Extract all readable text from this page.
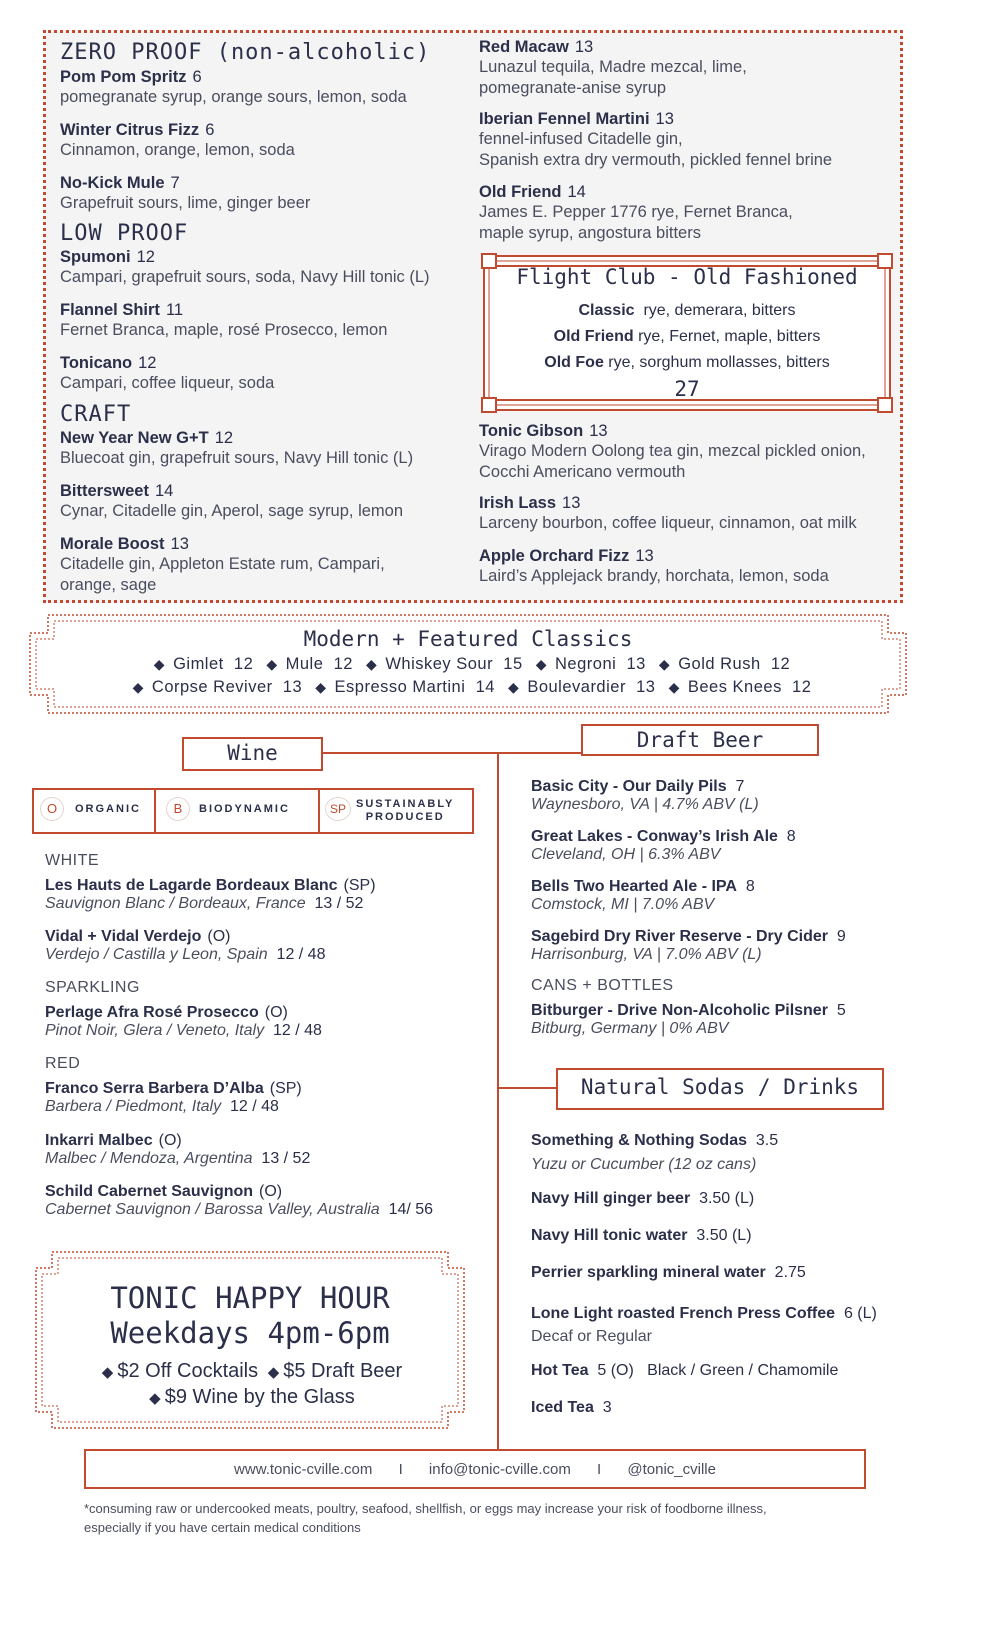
ZERO PROOF (non-alcoholic)
Pom Pom Spritz 6
pomegranate syrup, orange sours, lemon, soda
Winter Citrus Fizz 6
Cinnamon, orange, lemon, soda
No-Kick Mule 7
Grapefruit sours, lime, ginger beer
LOW PROOF
Spumoni 12
Campari, grapefruit sours, soda, Navy Hill tonic (L)
Flannel Shirt 11
Fernet Branca, maple, rosé Prosecco, lemon
Tonicano 12
Campari, coffee liqueur, soda
CRAFT
New Year New G+T 12
Bluecoat gin, grapefruit sours, Navy Hill tonic (L)
Bittersweet 14
Cynar, Citadelle gin, Aperol, sage syrup, lemon
Morale Boost 13
Citadelle gin, Appleton Estate rum, Campari,
orange, sage
Red Macaw 13
Lunazul tequila, Madre mezcal, lime,
pomegranate-anise syrup
Iberian Fennel Martini 13
fennel-infused Citadelle gin,
Spanish extra dry vermouth, pickled fennel brine
Old Friend 14
James E. Pepper 1776 rye, Fernet Branca,
maple syrup, angostura bitters
Flight Club - Old Fashioned
Classic rye, demerara, bitters
Old Friend rye, Fernet, maple, bitters
Old Foe rye, sorghum mollasses, bitters
27
Tonic Gibson 13
Virago Modern Oolong tea gin, mezcal pickled onion,
Cocchi Americano vermouth
Irish Lass 13
Larceny bourbon, coffee liqueur, cinnamon, oat milk
Apple Orchard Fizz 13
Laird’s Applejack brandy, horchata, lemon, soda
Modern + Featured Classics
◆ Gimlet 12 ◆ Mule 12 ◆ Whiskey Sour 15 ◆ Negroni 13 ◆ Gold Rush 12
◆ Corpse Reviver 13 ◆ Espresso Martini 14 ◆ Boulevardier 13 ◆ Bees Knees 12
Wine
O	ORGANIC	B	BIODYNAMIC	SP SUSTAINABLY
PRODUCED
WHITE
Les Hauts de Lagarde Bordeaux Blanc (SP)
Sauvignon Blanc / Bordeaux, France 13 / 52
Vidal + Vidal Verdejo (O)
Verdejo / Castilla y Leon, Spain 12 / 48
SPARKLING
Perlage Afra Rosé Prosecco (O)
Pinot Noir, Glera / Veneto, Italy 12 / 48
RED
Franco Serra Barbera D’Alba (SP)
Barbera / Piedmont, Italy 12 / 48
Inkarri Malbec (O)
Malbec / Mendoza, Argentina 13 / 52
Schild Cabernet Sauvignon (O)
Cabernet Sauvignon / Barossa Valley, Australia 14/ 56
TONIC HAPPY HOUR
Weekdays 4pm-6pm
◆ $2 Off Cocktails ◆ $5 Draft Beer
◆ $9 Wine by the Glass
Draft Beer
Basic City - Our Daily Pils 7
Waynesboro, VA | 4.7% ABV (L)
Great Lakes - Conway’s Irish Ale 8
Cleveland, OH | 6.3% ABV
Bells Two Hearted Ale - IPA 8
Comstock, MI | 7.0% ABV
Sagebird Dry River Reserve - Dry Cider 9
Harrisonburg, VA | 7.0% ABV (L)
CANS + BOTTLES
Bitburger - Drive Non-Alcoholic Pilsner 5
Bitburg, Germany | 0% ABV
Natural Sodas / Drinks
Something & Nothing Sodas 3.5
Yuzu or Cucumber (12 oz cans)
Navy Hill ginger beer 3.50 (L)
Navy Hill tonic water 3.50 (L)
Perrier sparkling mineral water 2.75
Lone Light roasted French Press Coffee 6 (L)
Decaf or Regular
Hot Tea 5 (O) Black / Green / Chamomile
Iced Tea 3
www.tonic-cville.com I info@tonic-cville.com I @tonic_cville
*consuming raw or undercooked meats, poultry, seafood, shellfish, or eggs may increase your risk of foodborne illness,
especially if you have certain medical conditions
